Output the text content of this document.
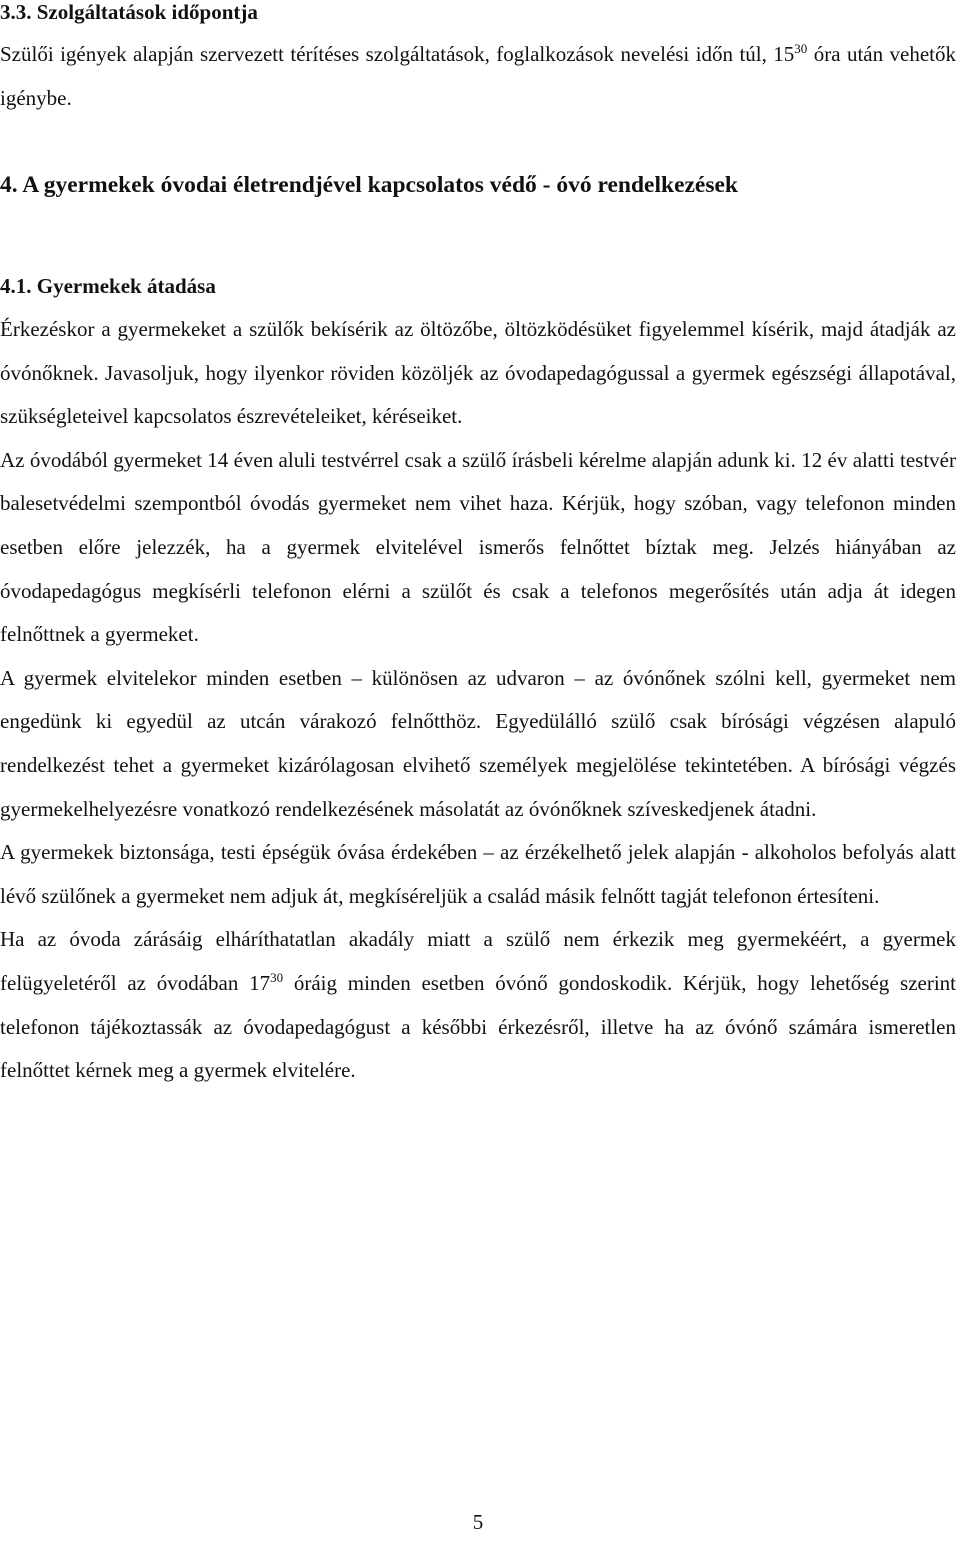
3.3. Szolgáltatások időpontja

Szülői igények alapján szervezett térítéses szolgáltatások, foglalkozások nevelési időn túl, $15^{30}$ óra után vehetők igénybe.

4. A gyermekek óvodai életrendjével kapcsolatos védő - óvó rendelkezések
4.1. Gyermekek átadása

Érkezéskor a gyermekeket a szülők bekísérik az öltözőbe, öltözködésüket figyelemmel kísérik, majd átadják az óvónőknek. Javasoljuk, hogy ilyenkor röviden közöljék az óvodapedagógussal a gyermek egészségi állapotával, szükségleteivel kapcsolatos észrevételeiket, kéréseiket.

Az óvodából gyermeket 14 éven aluli testvérrel csak a szülő írásbeli kérelme alapján adunk ki. 12 év alatti testvér balesetvédelmi szempontból óvodás gyermeket nem vihet haza. Kérjük, hogy szóban, vagy telefonon minden esetben előre jelezzék, ha a gyermek elvitelével ismerős felnőttet bíztak meg. Jelzés hiányában az óvodapedagógus megkísérli telefonon elérni a szülőt és csak a telefonos megerősítés után adja át idegen felnőttnek a gyermeket.

A gyermek elvitelekor minden esetben – különösen az udvaron – az óvónőnek szólni kell, gyermeket nem engedünk ki egyedül az utcán várakozó felnőtthöz. Egyedülálló szülő csak bírósági végzésen alapuló rendelkezést tehet a gyermeket kizárólagosan elvihető személyek megjelölése tekintetében. A bírósági végzés gyermekelhelyezésre vonatkozó rendelkezésének másolatát az óvónőknek szíveskedjenek átadni.

A gyermekek biztonsága, testi épségük óvása érdekében – az érzékelhető jelek alapján - alkoholos befolyás alatt lévő szülőnek a gyermeket nem adjuk át, megkíséreljük a család másik felnőtt tagját telefonon értesíteni.

Ha az óvoda zárásáig elháríthatatlan akadály miatt a szülő nem érkezik meg gyermekéért, a gyermek felügyeletéről az óvodában $17^{30}$ óráig minden esetben óvónő gondoskodik. Kérjük, hogy lehetőség szerint telefonon tájékoztassák az óvodapedagógust a későbbi érkezésről, illetve ha az óvónő számára ismeretlen felnőttet kérnek meg a gyermek elvitelére.

5
